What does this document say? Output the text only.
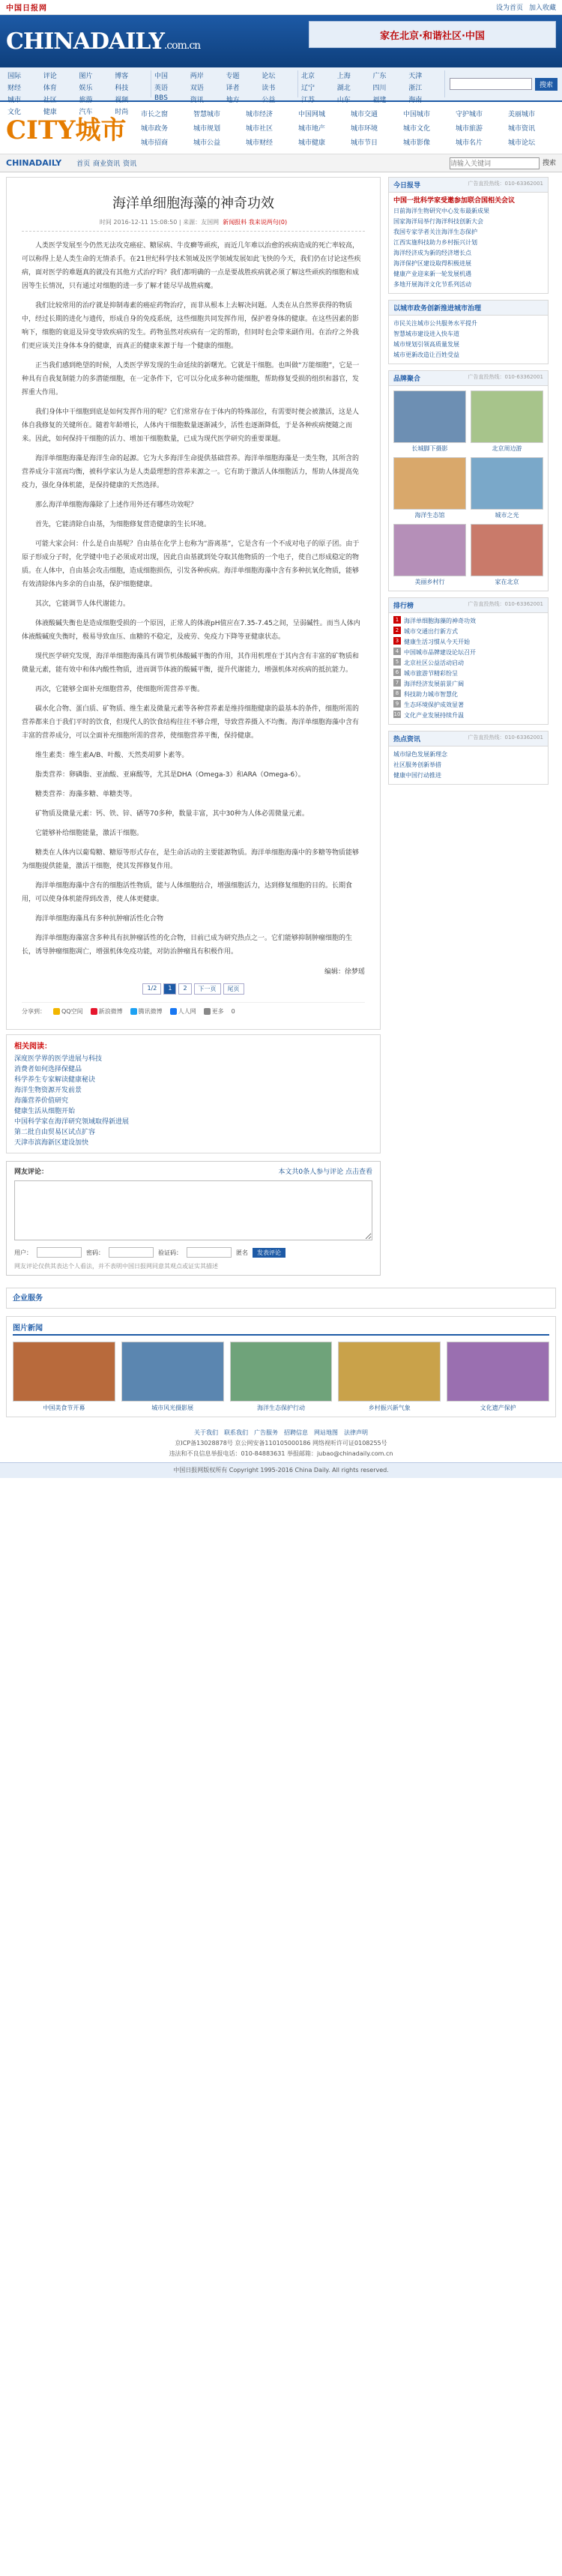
中国日报网	设为首页 加入收藏
CHINADAILY.com.cn
家在北京·和谐社区·中国
国际	评论	图片	博客
财经	体育	娱乐	科技
城市	社区	旅游	视频
文化	健康	汽车	时尚
中国	两岸	专题	论坛
英语	双语	译者	读书
BBS	资讯	地方	公益
北京	上海	广东	天津
辽宁	湖北	四川	浙江
江苏	山东	福建	海南
搜索
CITY城市
市长之窗	智慧城市	城市经济	中国网城	城市交通	中国城市	守护城市	美丽城市
城市政务	城市规划	城市社区	城市地产	城市环境	城市文化	城市旅游	城市资讯
城市招商	城市公益	城市财经	城市健康	城市节日	城市影像	城市名片	城市论坛
CHINADAILY 首页 商业资讯 资讯
请输入关键词	搜索
海洋单细胞海藻的神奇功效
时间 2016-12-11 15:08:50 | 来源：友国网 新闻报料 我来说两句(0)

人类医学发展至今仍然无法攻克癌症、糖尿病、牛皮癣等顽疾，而近几年难以治愈的疾病造成的死亡率较高，可以称得上是人类生命的无情杀手。在21世纪科学技术领域及医学领域发展如此飞快的今天，我们仍在讨论这些疾病，面对医学的难题真的就没有其他方式治疗吗？我们都明确的一点是要战胜疾病就必须了解这些顽疾的细胞和成因等生长情况，只有通过对细胞的进一步了解才能尽早战胜病魔。

我们比较常用的治疗就是抑制毒素的癌症药物治疗，而非从根本上去解决问题。人类在从自然界获得的物质中，经过长期的进化与遗传，形成自身的免疫系统，这些细胞共同发挥作用，保护着身体的健康。在这些因素的影响下，细胞的衰退及异变导致疾病的发生。药物虽然对疾病有一定的帮助，但同时也会带来副作用。在治疗之外我们更应该关注身体本身的健康，而真正的健康来源于每一个健康的细胞。

正当我们感到绝望的时候，人类医学界发现的生命延续的新曙光。它就是干细胞。也叫做“万能细胞”，它是一种具有自我复制能力的多潜能细胞，在一定条件下，它可以分化成多种功能细胞，帮助修复受损的组织和器官，发挥重大作用。

我们身体中干细胞到底是如何发挥作用的呢？它们常常存在于体内的特殊部位，有需要时便会被激活，这是人体自我修复的关键所在。随着年龄增长，人体内干细胞数量逐渐减少，活性也逐渐降低，于是各种疾病便随之而来。因此，如何保持干细胞的活力、增加干细胞数量，已成为现代医学研究的重要课题。

海洋单细胞海藻是海洋生命的起源。它为大多海洋生命提供基础营养。海洋单细胞海藻是一类生物，其所含的营养成分丰富而均衡，被科学家认为是人类最理想的营养来源之一。它有助于激活人体细胞活力，帮助人体提高免疫力，强化身体机能，是保持健康的天然选择。

那么海洋单细胞海藻除了上述作用外还有哪些功效呢？

首先，它能清除自由基，为细胞修复营造健康的生长环境。

可能大家会问：什么是自由基呢？自由基在化学上也称为“游离基”，它是含有一个不成对电子的原子团。由于原子形成分子时，化学键中电子必须成对出现，因此自由基就到处夺取其他物质的一个电子，使自己形成稳定的物质。在人体中，自由基会攻击细胞，造成细胞损伤，引发各种疾病。海洋单细胞海藻中含有多种抗氧化物质，能够有效清除体内多余的自由基，保护细胞健康。

其次，它能调节人体代谢能力。

体液酸碱失衡也是造成细胞受损的一个原因，正常人的体液pH值应在7.35-7.45之间，呈弱碱性。而当人体内体液酸碱度失衡时，极易导致血压、血糖的不稳定，及疲劳、免疫力下降等亚健康状态。

现代医学研究发现，海洋单细胞海藻具有调节机体酸碱平衡的作用，其作用机理在于其内含有丰富的矿物质和微量元素，能有效中和体内酸性物质，进而调节体液的酸碱平衡，提升代谢能力，增强机体对疾病的抵抗能力。

再次，它能够全面补充细胞营养，使细胞所需营养平衡。

碳水化合物、蛋白质、矿物质、维生素及微量元素等各种营养素是维持细胞健康的最基本的条件，细胞所需的营养都来自于我们平时的饮食，但现代人的饮食结构往往不够合理，导致营养摄入不均衡。海洋单细胞海藻中含有丰富的营养成分，可以全面补充细胞所需的营养，使细胞营养平衡，保持健康。

维生素类：维生素A/B、叶酸、天然类胡萝卜素等。

脂类营养：卵磷脂、亚油酸、亚麻酸等，尤其是DHA（Omega-3）和ARA（Omega-6）。

糖类营养：海藻多糖、单糖类等。

矿物质及微量元素：钙、铁、锌、硒等70多种，数量丰富，其中30种为人体必需微量元素。

它能够补给细胞能量，激活干细胞。

糖类在人体内以葡萄糖、糖原等形式存在，是生命活动的主要能源物质。海洋单细胞海藻中的多糖等物质能够为细胞提供能量，激活干细胞，使其发挥修复作用。

海洋单细胞海藻中含有的细胞活性物质，能与人体细胞结合，增强细胞活力，达到修复细胞的目的。长期食用，可以使身体机能得到改善，使人体更健康。

海洋单细胞海藻具有多种抗肿瘤活性化合物

海洋单细胞海藻富含多种具有抗肿瘤活性的化合物，目前已成为研究热点之一。它们能够抑制肿瘤细胞的生长，诱导肿瘤细胞凋亡，增强机体免疫功能，对防治肿瘤具有积极作用。

编辑：徐梦瑶
1/2	1	2	下一页	尾页
分享到：	QQ空间	新浪微博	腾讯微博	人人网	更多 0
相关阅读：
深度医学界的医学进展与科技
消费者如何选择保健品
科学养生专家解读健康秘诀
海洋生物资源开发前景
海藻营养价值研究
健康生活从细胞开始
中国科学家在海洋研究领域取得新进展
第二批自由贸易区试点扩容
天津市滨海新区建设加快
网友评论：	本文共0条人参与评论 点击查看
用户：	密码：	验证码：	匿名	发表评论
网友评论仅供其表达个人看法，并不表明中国日报网同意其观点或证实其描述
今日报导	广告直投热线：010-63362001
中国一批科学家受邀参加联合国相关会议
日前海洋生物研究中心发布最新成果
国家海洋局举行海洋科技创新大会
我国专家学者关注海洋生态保护
江西实施科技助力乡村振兴计划
海洋经济成为新的经济增长点
海洋保护区建设取得积极进展
健康产业迎来新一轮发展机遇
多地开展海洋文化节系列活动
以城市政务创新推进城市治理
市民关注城市公共服务水平提升
智慧城市建设进入快车道
城市规划引领高质量发展
城市更新改造让百姓受益
品牌聚合	广告直投热线：010-63362001
长城脚下摄影	北京周边游
海洋生态馆	城市之光
美丽乡村行	家在北京
排行榜	广告直投热线：010-63362001
1 海洋单细胞海藻的神奇功效
2 城市交通出行新方式
3 健康生活习惯从今天开始
4 中国城市品牌建设论坛召开
5 北京社区公益活动启动
6 城市旅游节精彩纷呈
7 海洋经济发展前景广阔
8 科技助力城市智慧化
9 生态环境保护成效显著
10 文化产业发展持续升温
热点资讯	广告直投热线：010-63362001
城市绿色发展新理念
社区服务创新举措
健康中国行动推进
企业服务
图片新闻
中国美食节开幕	城市风光摄影展	海洋生态保护行动	乡村振兴新气象	文化遗产保护
关于我们 联系我们 广告服务 招聘信息 网站地图 法律声明
京ICP备13028878号 京公网安备110105000186 网络视听许可证0108255号
违法和不良信息举报电话：010-84883631 举报邮箱：jubao@chinadaily.com.cn
中国日报网版权所有 Copyright 1995-2016 China Daily. All rights reserved.
